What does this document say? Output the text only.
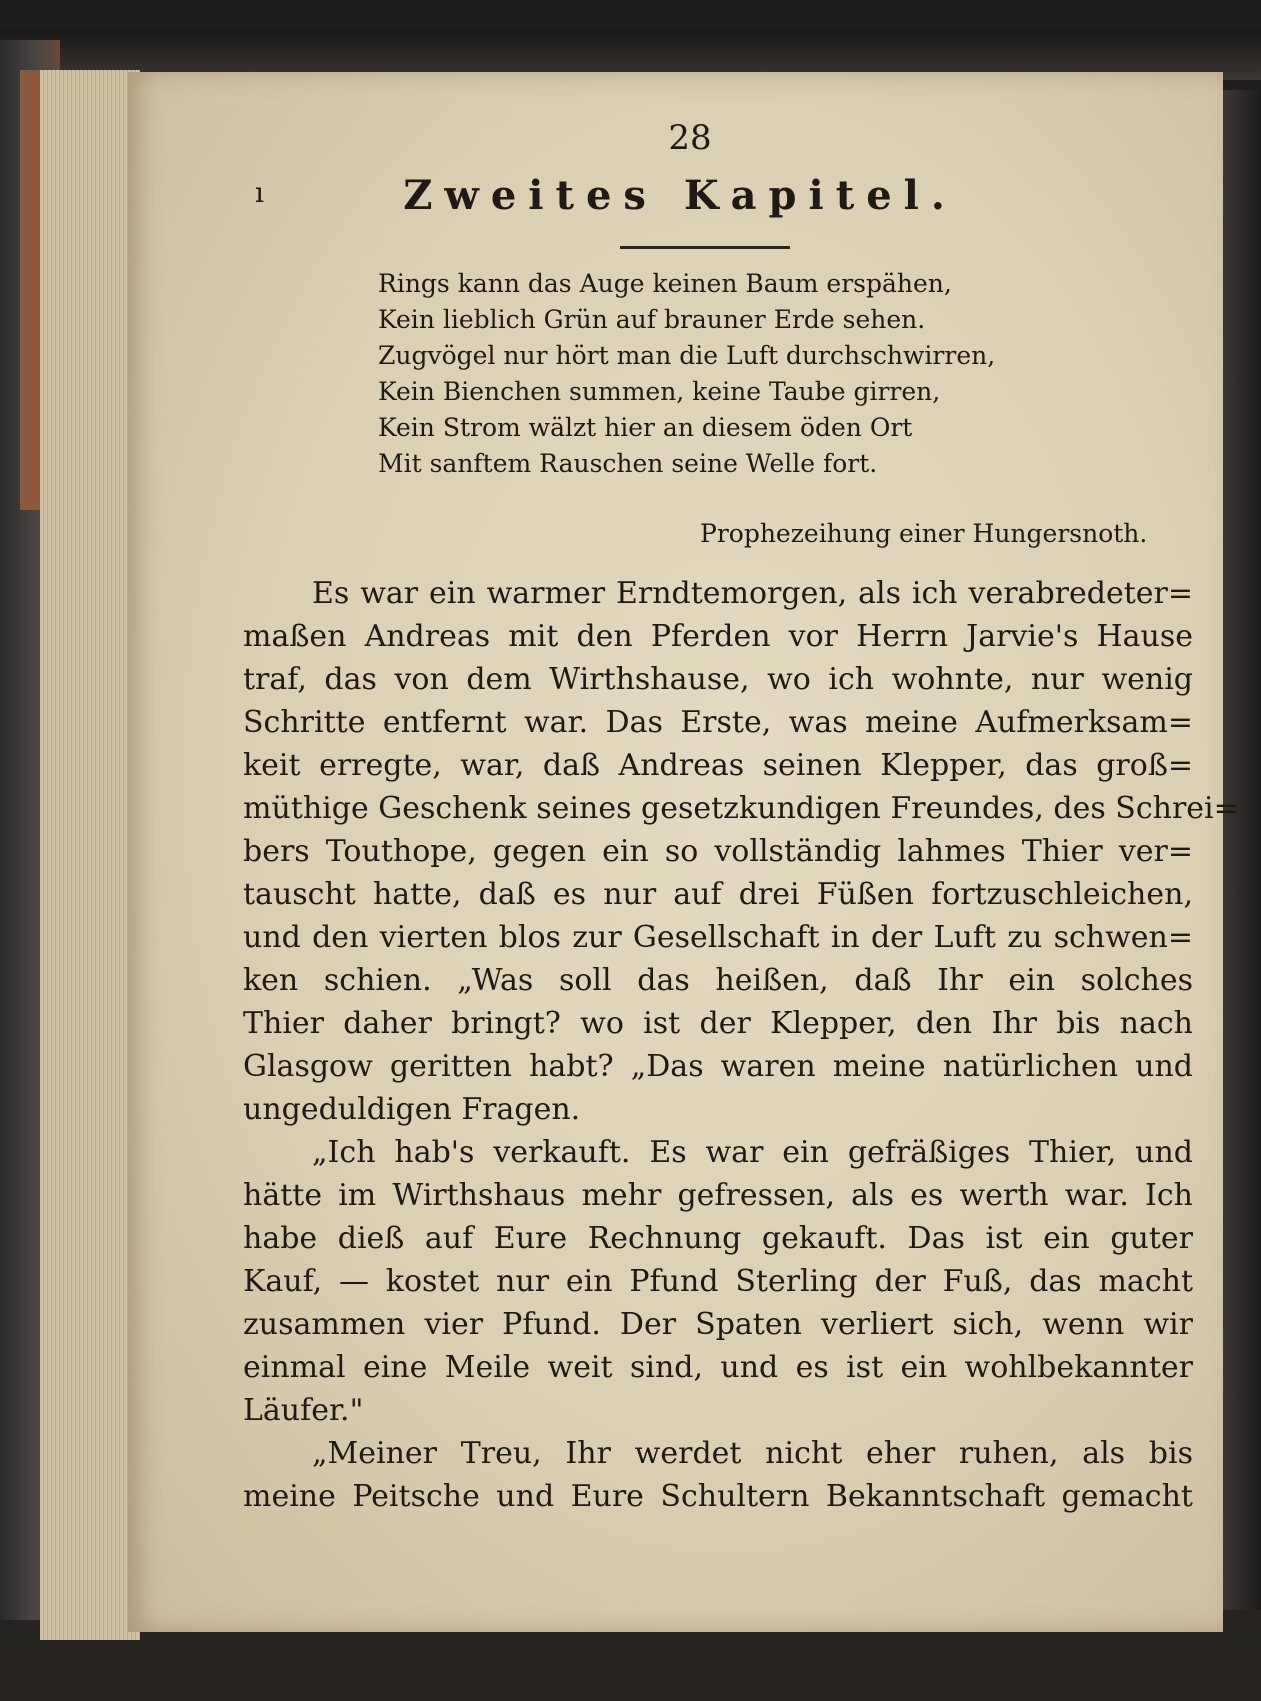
ı
28
Zweites Kapitel.
Rings kann das Auge keinen Baum erspähen,
Kein lieblich Grün auf brauner Erde sehen.
Zugvögel nur hört man die Luft durchschwirren,
Kein Bienchen summen, keine Taube girren,
Kein Strom wälzt hier an diesem öden Ort
Mit sanftem Rauschen seine Welle fort.
Prophezeihung einer Hungersnoth.
Es war ein warmer Erndtemorgen, als ich verabredeter=
maßen Andreas mit den Pferden vor Herrn Jarvie's Hause
traf, das von dem Wirthshause, wo ich wohnte, nur wenig
Schritte entfernt war. Das Erste, was meine Aufmerksam=
keit erregte, war, daß Andreas seinen Klepper, das groß=
müthige Geschenk seines gesetzkundigen Freundes, des Schrei=
bers Touthope, gegen ein so vollständig lahmes Thier ver=
tauscht hatte, daß es nur auf drei Füßen fortzuschleichen,
und den vierten blos zur Gesellschaft in der Luft zu schwen=
ken schien. „Was soll das heißen, daß Ihr ein solches
Thier daher bringt? wo ist der Klepper, den Ihr bis nach
Glasgow geritten habt? „Das waren meine natürlichen und
ungeduldigen Fragen.
„Ich hab's verkauft. Es war ein gefräßiges Thier, und
hätte im Wirthshaus mehr gefressen, als es werth war. Ich
habe dieß auf Eure Rechnung gekauft. Das ist ein guter
Kauf, — kostet nur ein Pfund Sterling der Fuß, das macht
zusammen vier Pfund. Der Spaten verliert sich, wenn wir
einmal eine Meile weit sind, und es ist ein wohlbekannter
Läufer."
„Meiner Treu, Ihr werdet nicht eher ruhen, als bis
meine Peitsche und Eure Schultern Bekanntschaft gemacht
